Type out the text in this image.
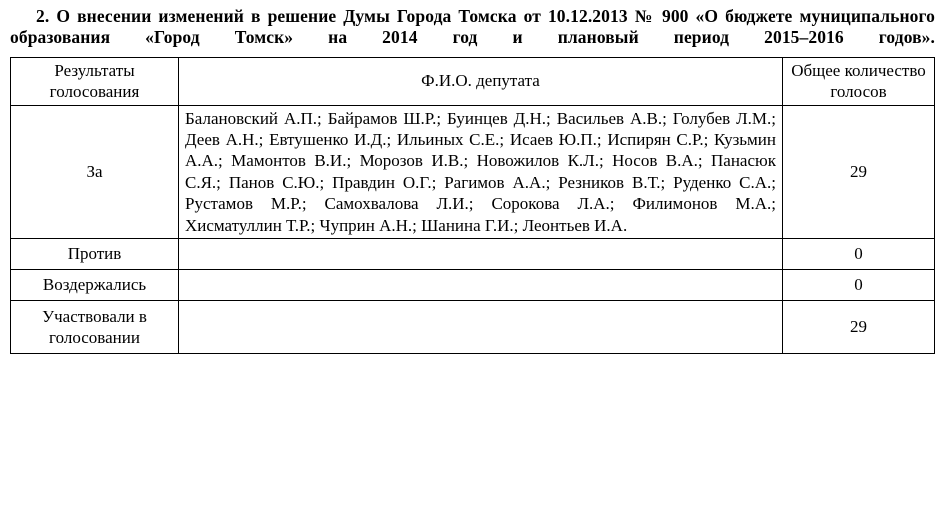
2. О внесении изменений в решение Думы Города Томска от 10.12.2013 № 900 «О бюджете муниципального образования «Город Томск» на 2014 год и плановый период 2015–2016 годов».

Результаты голосования	Ф.И.О. депутата	Общее количество голосов
За	Балановский А.П.; Байрамов Ш.Р.; Буинцев Д.Н.; Васильев А.В.; Голубев Л.М.; Деев А.Н.; Евтушенко И.Д.; Ильиных С.Е.; Исаев Ю.П.; Испирян С.Р.; Кузьмин А.А.; Мамонтов В.И.; Морозов И.В.; Новожилов К.Л.; Носов В.А.; Панасюк С.Я.; Панов С.Ю.; Правдин О.Г.; Рагимов А.А.; Резников В.Т.; Руденко С.А.; Рустамов М.Р.; Самохвалова Л.И.; Сорокова Л.А.; Филимонов М.А.; Хисматуллин Т.Р.; Чуприн А.Н.; Шанина Г.И.; Леонтьев И.А.	29
Против		0
Воздержались		0
Участвовали в голосовании		29
